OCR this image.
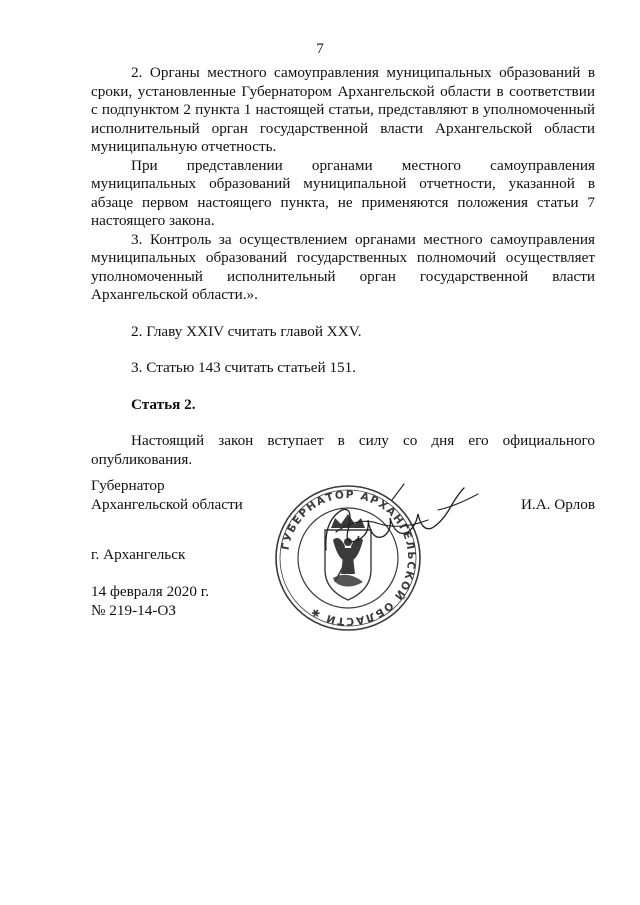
7

2. Органы местного самоуправления муниципальных образований в сроки, установленные Губернатором Архангельской области в соответствии с подпунктом 2 пункта 1 настоящей статьи, представляют в уполномоченный исполнительный орган государственной власти Архангельской области муниципальную отчетность.

При представлении органами местного самоуправления муниципальных образований муниципальной отчетности, указанной в абзаце первом настоящего пункта, не применяются положения статьи 7 настоящего закона.

3. Контроль за осуществлением органами местного самоуправления муниципальных образований государственных полномочий осуществляет уполномоченный исполнительный орган государственной власти Архангельской области.».

2. Главу XXIV считать главой XXV.

3. Статью 143 считать статьей 151.

Статья 2.

Настоящий закон вступает в силу со дня его официального опубликования.

Губернатор
Архангельской области	И.А. Орлов
г. Архангельск
14 февраля 2020 г.
№ 219-14-ОЗ
ГУБЕРНАТОР АРХАНГЕЛЬСКОЙ ОБЛАСТИ ✱
